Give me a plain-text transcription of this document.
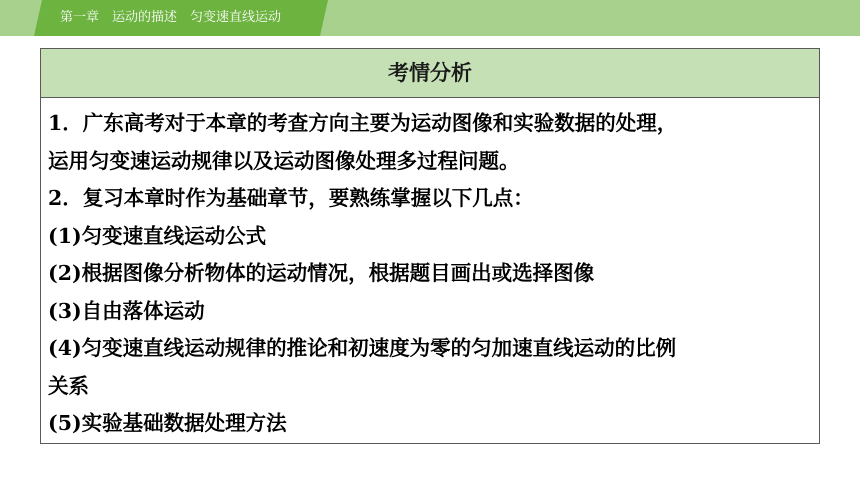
第一章　运动的描述　匀变速直线运动
考情分析
1．广东高考对于本章的考查方向主要为运动图像和实验数据的处理，
运用匀变速运动规律以及运动图像处理多过程问题。
2．复习本章时作为基础章节，要熟练掌握以下几点：
(1)匀变速直线运动公式
(2)根据图像分析物体的运动情况，根据题目画出或选择图像
(3)自由落体运动
(4)匀变速直线运动规律的推论和初速度为零的匀加速直线运动的比例
关系
(5)实验基础数据处理方法
